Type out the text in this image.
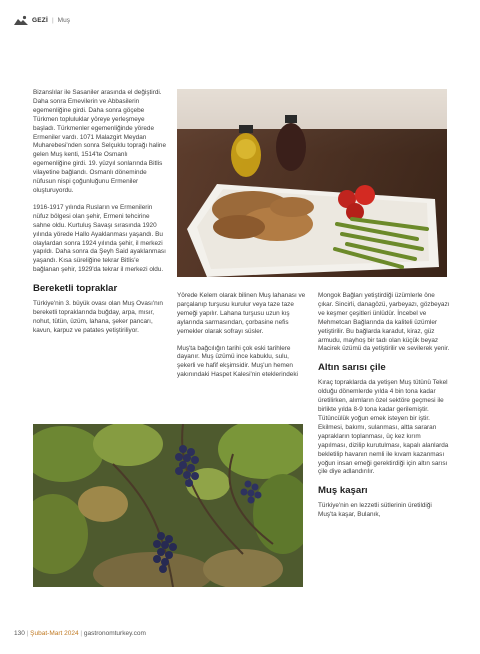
GEZİ | Muş

Bizanslılar ile Sasaniler arasında el değiştirdi. Daha sonra Emevilerin ve Abbasilerin egemenliğine girdi. Daha sonra göçebe Türkmen topluluklar yöreye yerleşmeye başladı. Türkmenler egemenliğinde yörede Ermeniler vardı. 1071 Malazgirt Meydan Muharebesi'nden sonra Selçuklu toprağı haline gelen Muş kenti, 1514'te Osmanlı egemenliğine girdi. 19. yüzyıl sonlarında Bitlis vilayetine bağlandı. Osmanlı döneminde nüfusun nispi çoğunluğunu Ermeniler oluşturuyordu.

1916-1917 yılında Rusların ve Ermenilerin nüfuz bölgesi olan şehir, Ermeni tehcirine sahne oldu. Kurtuluş Savaşı sırasında 1920 yılında yörede Hallo Ayaklanması yaşandı. Bu olaylardan sonra 1924 yılında şehir, il merkezi yapıldı. Daha sonra da Şeyh Said ayaklanması yaşandı. Kısa süreliğine tekrar Bitlis'e bağlanan şehir, 1929'da tekrar il merkezi oldu.

Bereketli topraklar

Türkiye'nin 3. büyük ovası olan Muş Ovası'nın bereketli topraklarında buğday, arpa, mısır, nohut, tütün, üzüm, lahana, şeker pancarı, kavun, karpuz ve patates yetiştiriliyor.

Yörede Kelem olarak bilinen Muş lahanası ve parçalanıp turşusu kurulur veya taze taze yemeği yapılır. Lahana turşusu uzun kış aylarında sarmasından, çorbasine nefis yemekler olarak sofrayı süsler.

Muş'ta bağcılığın tarihi çok eski tarihlere dayanır. Muş üzümü ince kabuklu, sulu, şekerli ve hafif ekşimsidir. Muş'un hemen yakınındaki Haspet Kalesi'nin eteklerindeki

Mongok Bağları yetiştirdiği üzümlerle öne çıkar. Sincirli, danagözü, yarbeyazı, gözbeyazı ve keşmer çeşitleri ünlüdür. İncebel ve Mehmetcan Bağlarında da kaliteli üzümler yetiştirilir. Bu bağlarda karadut, kiraz, güz armudu, mayhoş bir tadı olan küçük beyaz Macirek üzümü da yetiştirilir ve sevilerek yenir.

Altın sarısı çile

Kıraç topraklarda da yetişen Muş tütünü Tekel olduğu dönemlerde yılda 4 bin tona kadar üretilirken, alımların özel sektöre geçmesi ile birlikte yılda 8-9 tona kadar gerilemiştir. Tütüncülük yoğun emek isteyen bir iştir. Ekilmesi, bakımı, sulanması, altta sararan yaprakların toplanması, üç kez kırım yapılması, dizilip kurutulması, kapalı alanlarda bekletilip havanın nemli ile kıvam kazanması yoğun insan emeği gerektirdiği için altın sarısı çile diye adlandırılır.

Muş kaşarı

Türkiye'nin en lezzetli sütlerinin üretildiği Muş'ta kaşar, Bulanık,

130 | Şubat-Mart 2024 | gastronomturkey.com
